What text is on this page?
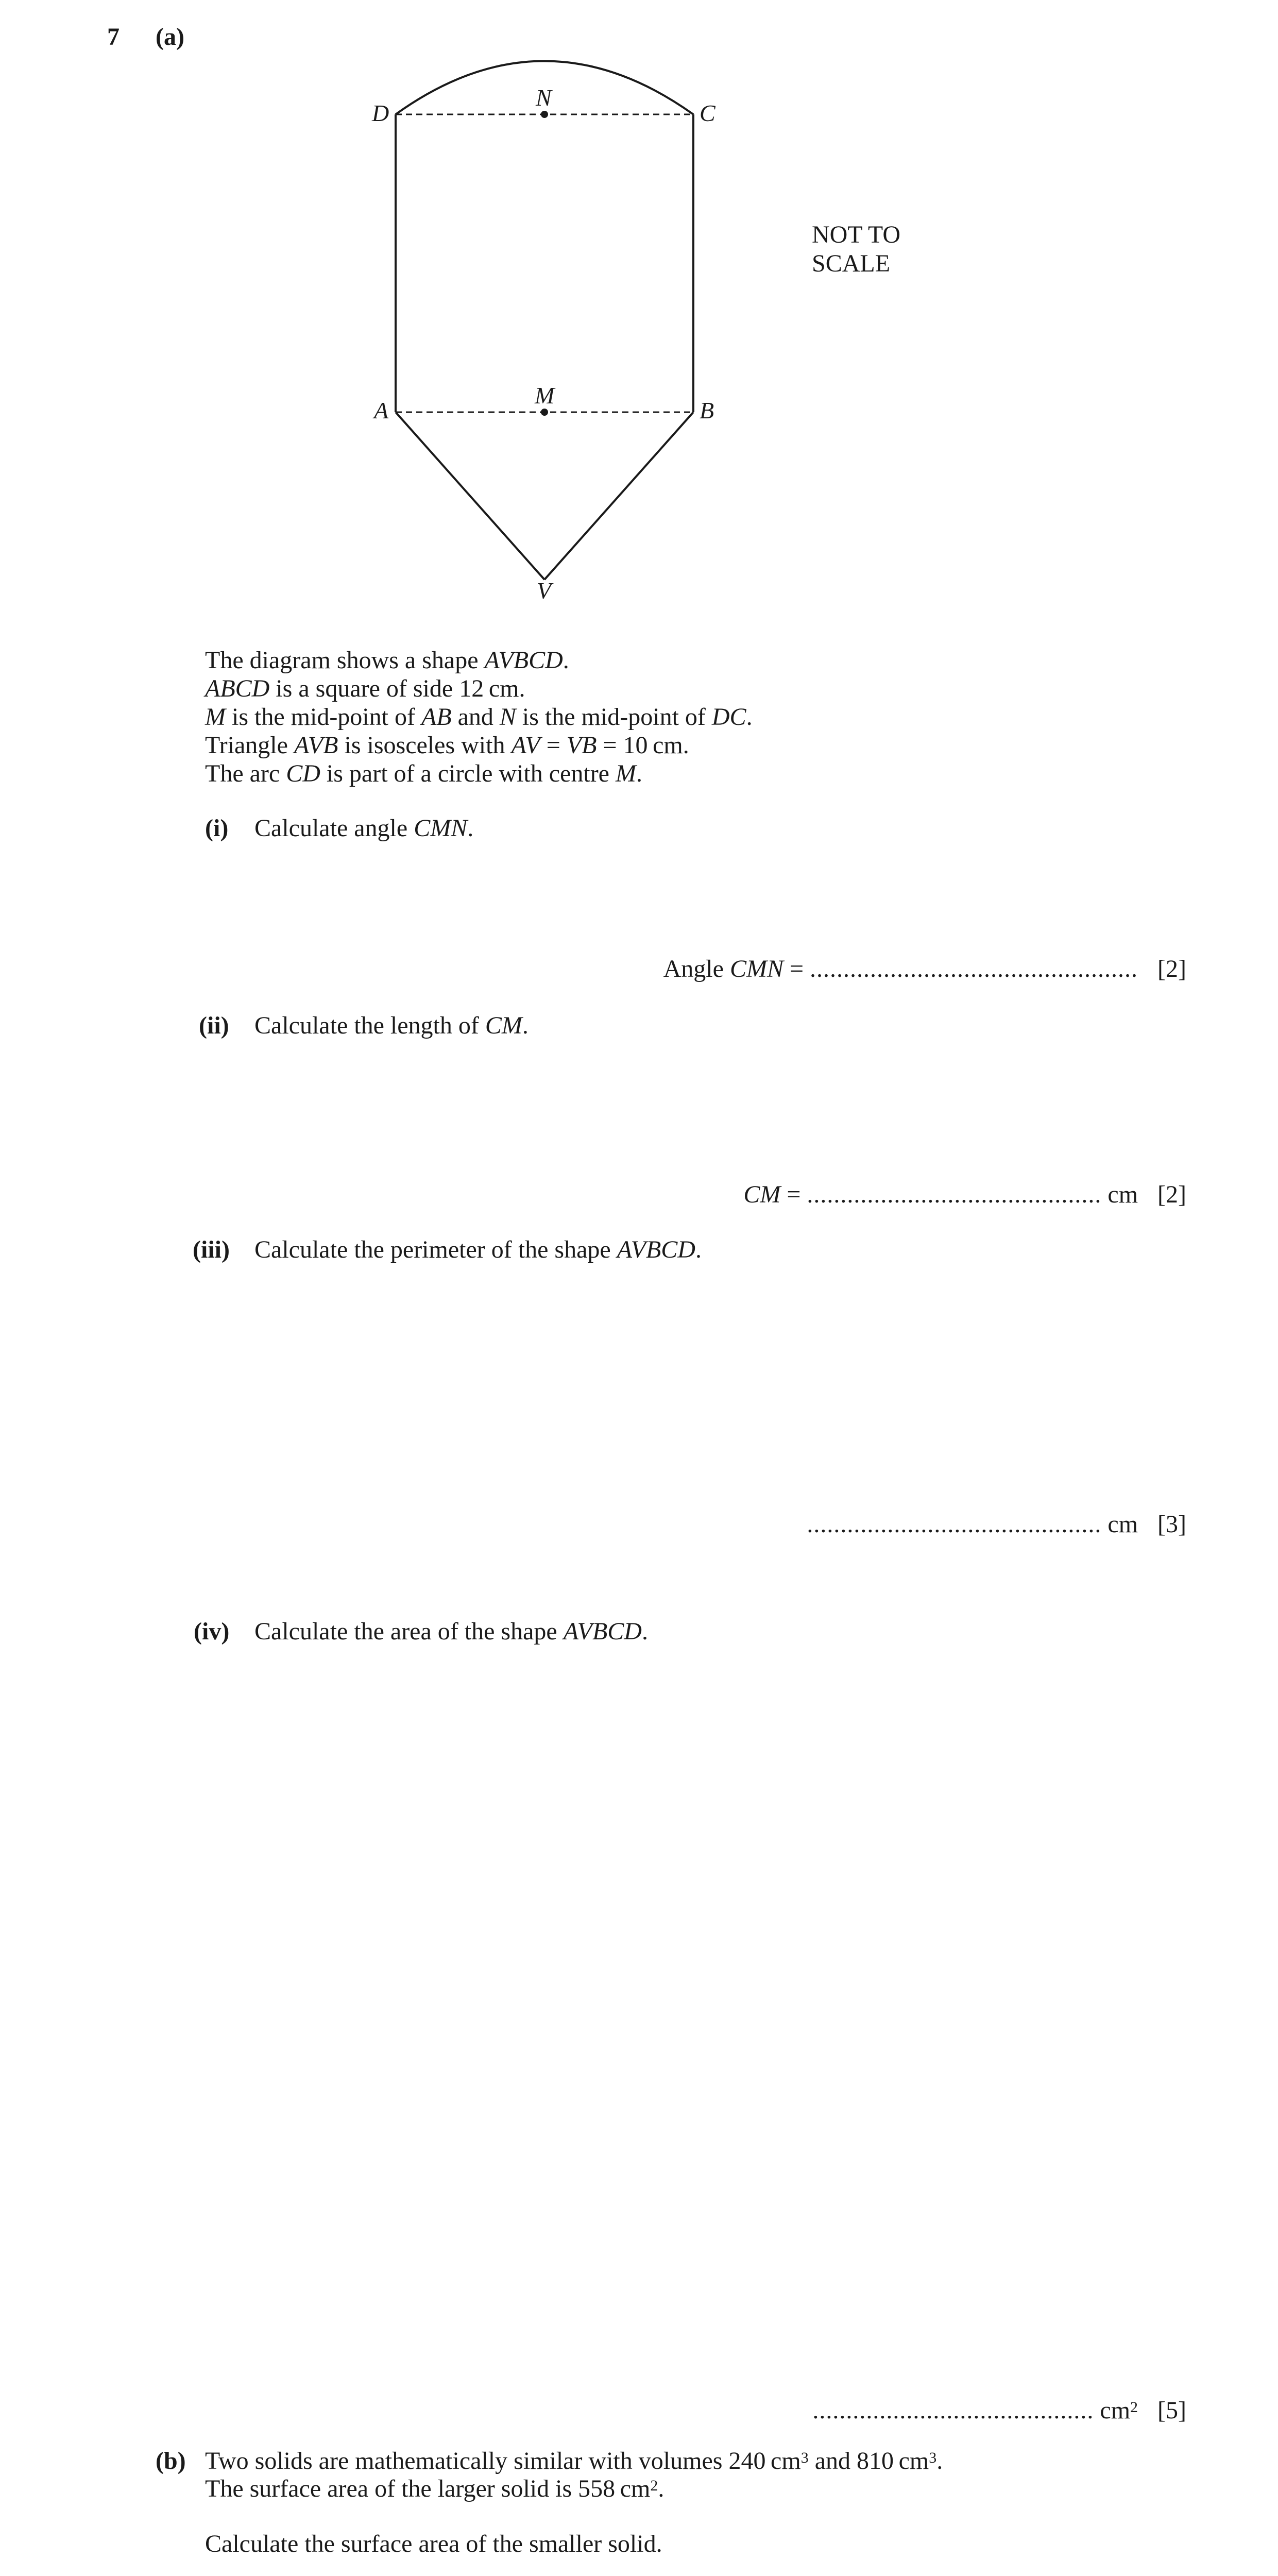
7 (a)
D
N
C
A
M
B
V
NOT TO
SCALE
The diagram shows a shape AVBCD.
ABCD is a square of side 12 cm.
M is the mid-point of AB and N is the mid-point of DC.
Triangle AVB is isosceles with AV = VB = 10 cm.
The arc CD is part of a circle with centre M.
(i) Calculate angle CMN.
Angle CMN = ................................................. [2]
(ii) Calculate the length of CM.
CM = ............................................ cm [2]
(iii) Calculate the perimeter of the shape AVBCD.
............................................ cm [3]
(iv) Calculate the area of the shape AVBCD.
.......................................... $cm^2$ [5]
(b) Two solids are mathematically similar with volumes 240 $cm^3$ and 810 $cm^3$.
The surface area of the larger solid is 558 $cm^2$.
Calculate the surface area of the smaller solid.
